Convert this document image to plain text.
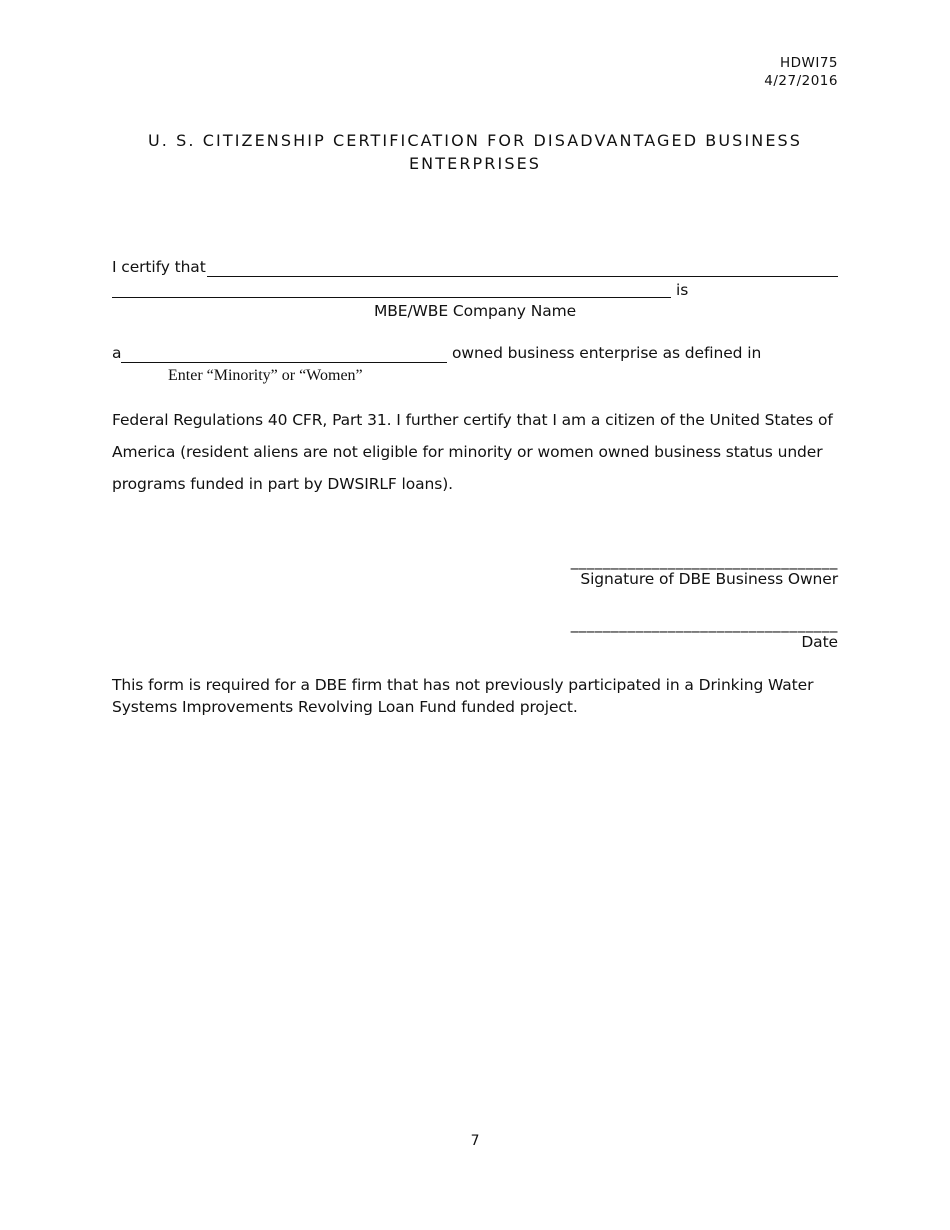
HDWI75
4/27/2016
U. S. CITIZENSHIP CERTIFICATION FOR DISADVANTAGED BUSINESS
ENTERPRISES
I certify that
is
MBE/WBE Company Name
a	owned business enterprise as defined in
Enter “Minority” or “Women”
Federal Regulations 40 CFR, Part 31. I further certify that I am a citizen of the United States of
America (resident aliens are not eligible for minority or women owned business status under
programs funded in part by DWSIRLF loans).
_________________________________
Signature of DBE Business Owner
_________________________________
Date
This form is required for a DBE firm that has not previously participated in a Drinking Water
Systems Improvements Revolving Loan Fund funded project.
7
